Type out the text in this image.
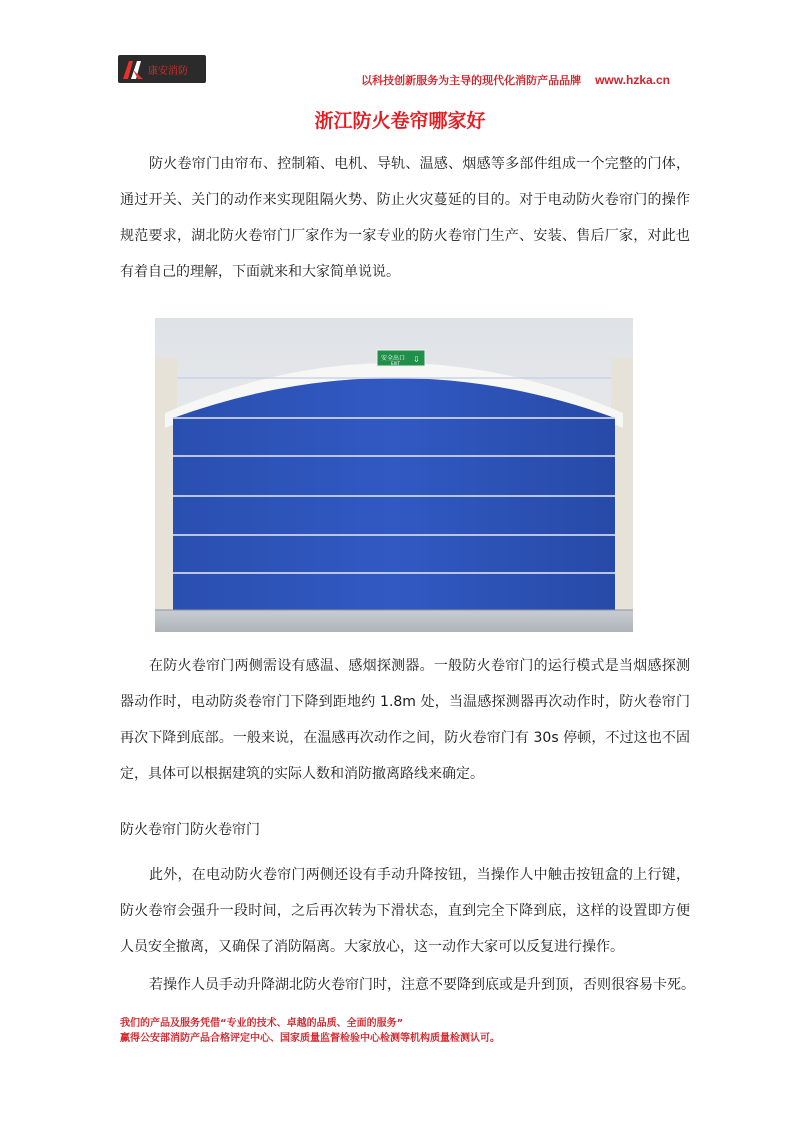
康安消防
以科技创新服务为主导的现代化消防产品品牌 www.hzka.cn
浙江防火卷帘哪家好

防火卷帘门由帘布、控制箱、电机、导轨、温感、烟感等多部件组成一个完整的门体，通过开关、关门的动作来实现阻隔火势、防止火灾蔓延的目的。对于电动防火卷帘门的操作规范要求，湖北防火卷帘门厂家作为一家专业的防火卷帘门生产、安装、售后厂家，对此也有着自己的理解，下面就来和大家简单说说。

安全出口
EXIT ⇩

在防火卷帘门两侧需设有感温、感烟探测器。一般防火卷帘门的运行模式是当烟感探测器动作时，电动防炎卷帘门下降到距地约 1.8m 处，当温感探测器再次动作时，防火卷帘门再次下降到底部。一般来说，在温感再次动作之间，防火卷帘门有 30s 停顿，不过这也不固定，具体可以根据建筑的实际人数和消防撤离路线来确定。

防火卷帘门防火卷帘门

此外，在电动防火卷帘门两侧还设有手动升降按钮，当操作人中触击按钮盒的上行键，防火卷帘会强升一段时间，之后再次转为下滑状态，直到完全下降到底，这样的设置即方便人员安全撤离，又确保了消防隔离。大家放心，这一动作大家可以反复进行操作。

若操作人员手动升降湖北防火卷帘门时，注意不要降到底或是升到顶，否则很容易卡死。

我们的产品及服务凭借“专业的技术、卓越的品质、全面的服务”
赢得公安部消防产品合格评定中心、国家质量监督检验中心检测等机构质量检测认可。
